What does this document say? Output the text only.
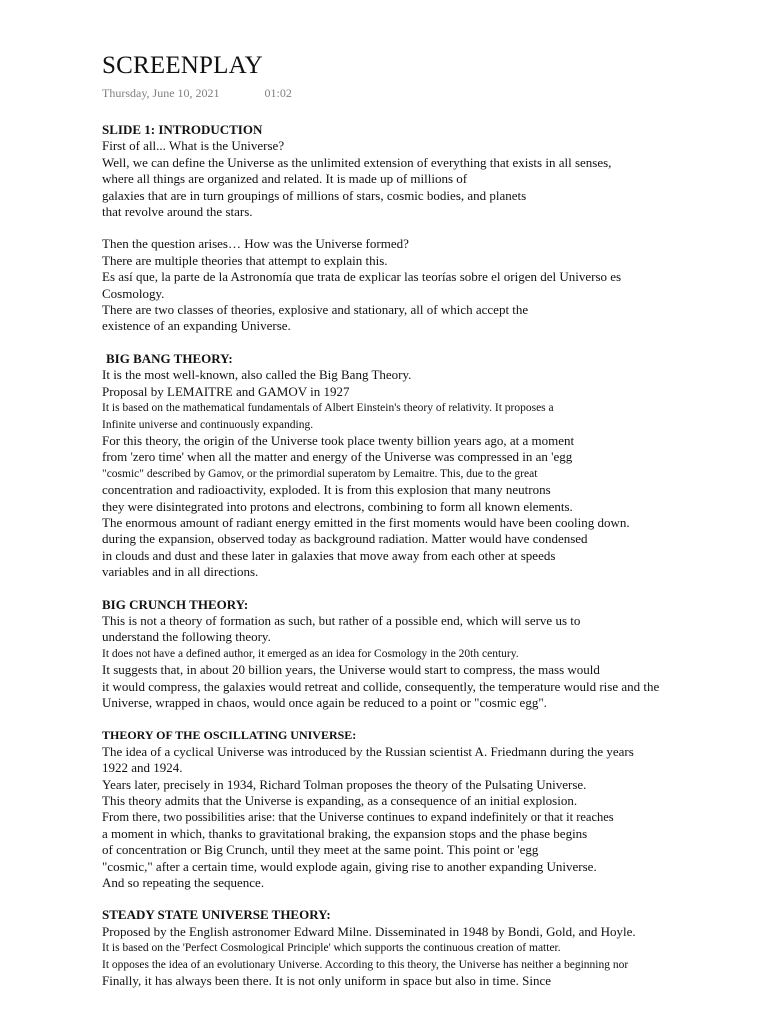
SCREENPLAY
Thursday, June 10, 2021	01:02
SLIDE 1: INTRODUCTION
First of all... What is the Universe?
Well, we can define the Universe as the unlimited extension of everything that exists in all senses,
where all things are organized and related. It is made up of millions of
galaxies that are in turn groupings of millions of stars, cosmic bodies, and planets
that revolve around the stars.
Then the question arises… How was the Universe formed?
There are multiple theories that attempt to explain this.
Es así que, la parte de la Astronomía que trata de explicar las teorías sobre el origen del Universo es
Cosmology.
There are two classes of theories, explosive and stationary, all of which accept the
existence of an expanding Universe.
BIG BANG THEORY:
It is the most well-known, also called the Big Bang Theory.
Proposal by LEMAITRE and GAMOV in 1927
It is based on the mathematical fundamentals of Albert Einstein's theory of relativity. It proposes a
Infinite universe and continuously expanding.
For this theory, the origin of the Universe took place twenty billion years ago, at a moment
from 'zero time' when all the matter and energy of the Universe was compressed in an 'egg
"cosmic" described by Gamov, or the primordial superatom by Lemaitre. This, due to the great
concentration and radioactivity, exploded. It is from this explosion that many neutrons
they were disintegrated into protons and electrons, combining to form all known elements.
The enormous amount of radiant energy emitted in the first moments would have been cooling down.
during the expansion, observed today as background radiation. Matter would have condensed
in clouds and dust and these later in galaxies that move away from each other at speeds
variables and in all directions.
BIG CRUNCH THEORY:
This is not a theory of formation as such, but rather of a possible end, which will serve us to
understand the following theory.
It does not have a defined author, it emerged as an idea for Cosmology in the 20th century.
It suggests that, in about 20 billion years, the Universe would start to compress, the mass would
it would compress, the galaxies would retreat and collide, consequently, the temperature would rise and the
Universe, wrapped in chaos, would once again be reduced to a point or "cosmic egg".
THEORY OF THE OSCILLATING UNIVERSE:
The idea of a cyclical Universe was introduced by the Russian scientist A. Friedmann during the years
1922 and 1924.
Years later, precisely in 1934, Richard Tolman proposes the theory of the Pulsating Universe.
This theory admits that the Universe is expanding, as a consequence of an initial explosion.
From there, two possibilities arise: that the Universe continues to expand indefinitely or that it reaches
a moment in which, thanks to gravitational braking, the expansion stops and the phase begins
of concentration or Big Crunch, until they meet at the same point. This point or 'egg
"cosmic," after a certain time, would explode again, giving rise to another expanding Universe.
And so repeating the sequence.
STEADY STATE UNIVERSE THEORY:
Proposed by the English astronomer Edward Milne. Disseminated in 1948 by Bondi, Gold, and Hoyle.
It is based on the 'Perfect Cosmological Principle' which supports the continuous creation of matter.
It opposes the idea of an evolutionary Universe. According to this theory, the Universe has neither a beginning nor
Finally, it has always been there. It is not only uniform in space but also in time. Since
